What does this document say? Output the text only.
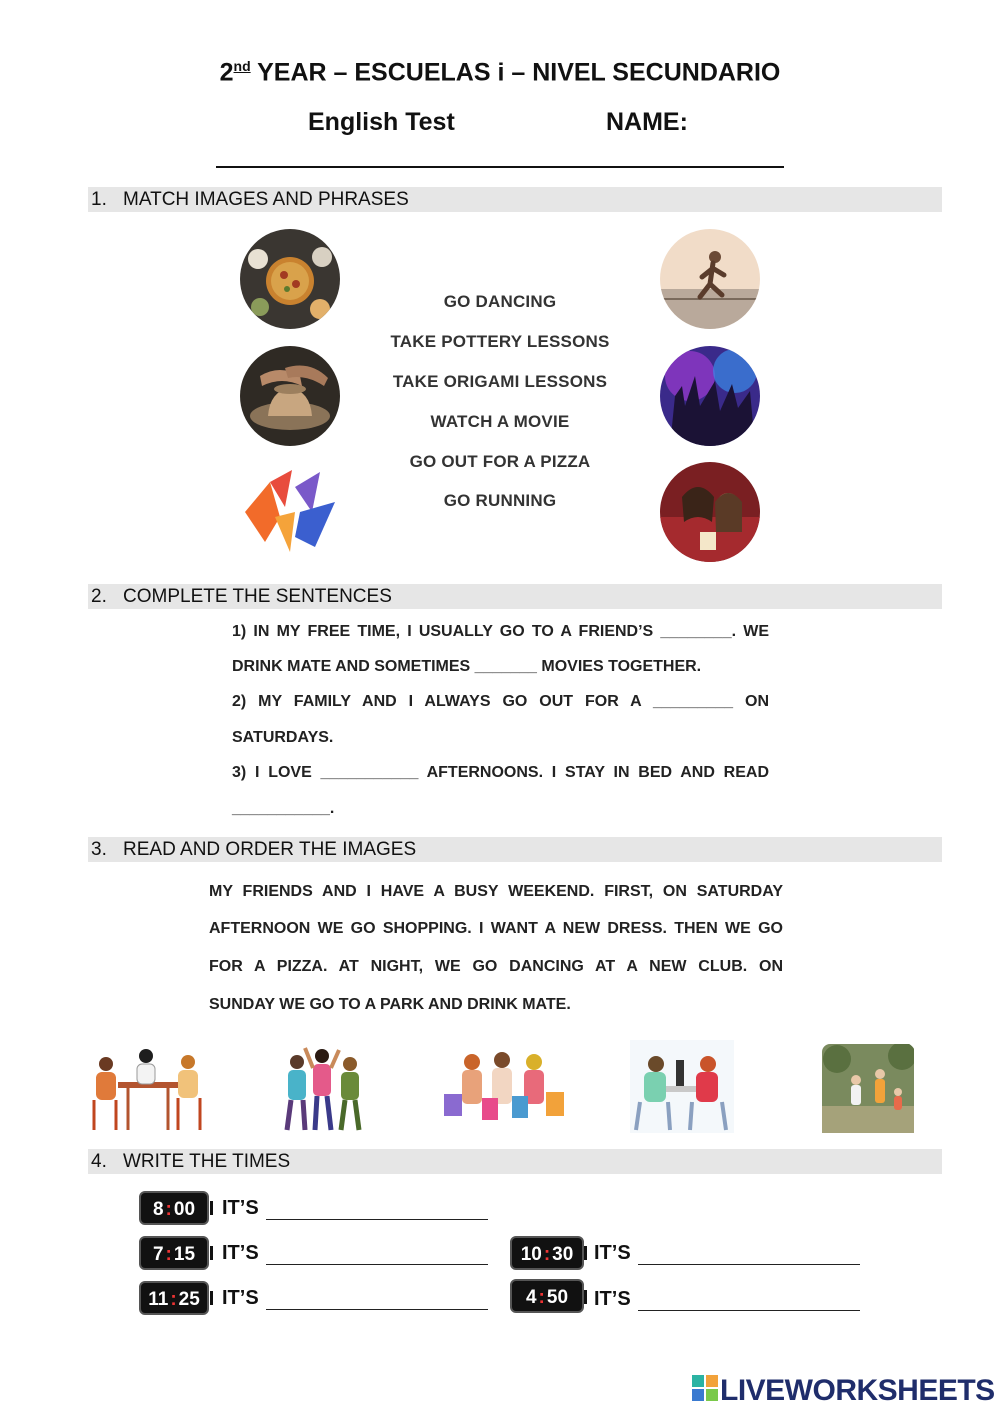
2nd YEAR – ESCUELAS i – NIVEL SECUNDARIO
English Test	NAME:
1. MATCH IMAGES AND PHRASES
GO DANCING
TAKE POTTERY LESSONS
TAKE ORIGAMI LESSONS
WATCH A MOVIE
GO OUT FOR A PIZZA
GO RUNNING
2. COMPLETE THE SENTENCES
1) IN MY FREE TIME, I USUALLY GO TO A FRIEND’S ________. WE
DRINK MATE AND SOMETIMES _______ MOVIES TOGETHER.
2) MY FAMILY AND I ALWAYS GO OUT FOR A _________ ON
SATURDAYS.
3) I LOVE ___________ AFTERNOONS. I STAY IN BED AND READ
___________.
3. READ AND ORDER THE IMAGES
MY FRIENDS AND I HAVE A BUSY WEEKEND. FIRST, ON SATURDAY
AFTERNOON WE GO SHOPPING. I WANT A NEW DRESS. THEN WE GO
FOR A PIZZA. AT NIGHT, WE GO DANCING AT A NEW CLUB. ON
SUNDAY WE GO TO A PARK AND DRINK MATE.
4. WRITE THE TIMES
8 : 00	IT’S
7 : 15	IT’S	10 : 30	IT’S
11 : 25	IT’S	4 : 50	IT’S
LIVEWORKSHEETS
